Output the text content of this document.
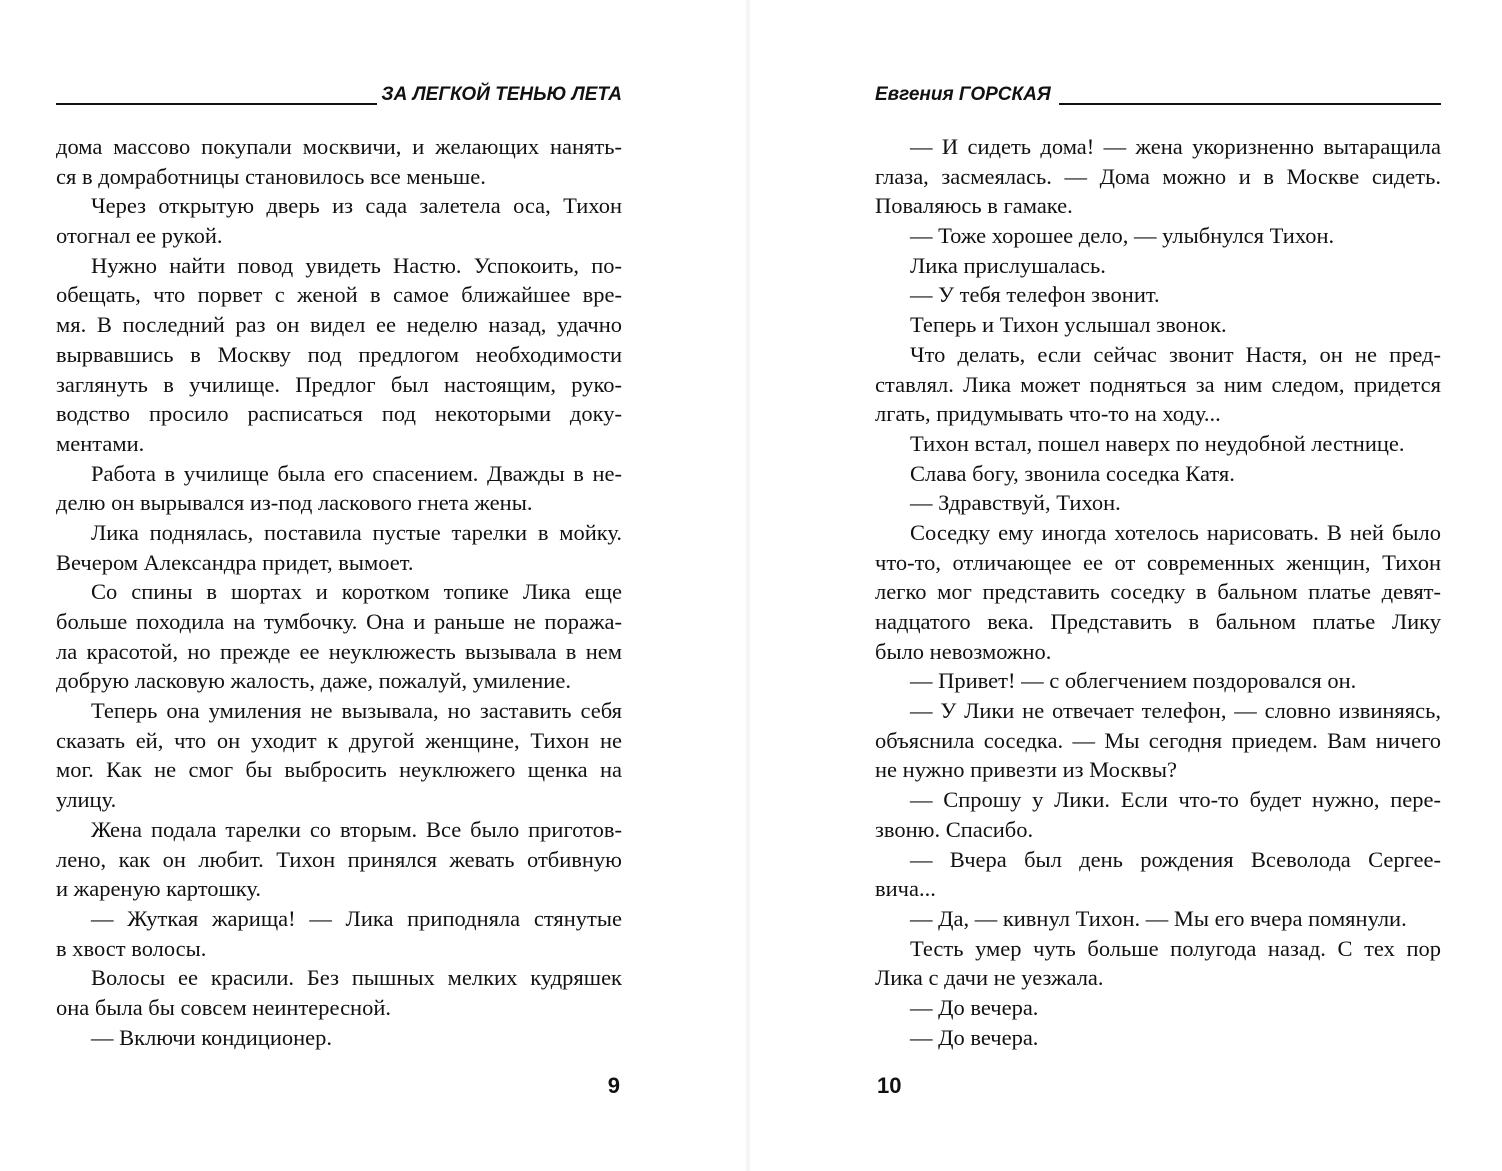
ЗА ЛЕГКОЙ ТЕНЬЮ ЛЕТА
дома массово покупали москвичи, и желающих нанять-
ся в домработницы становилось все меньше.
Через открытую дверь из сада залетела оса, Тихон
отогнал ее рукой.
Нужно найти повод увидеть Настю. Успокоить, по-
обещать, что порвет с женой в самое ближайшее вре-
мя. В последний раз он видел ее неделю назад, удачно
вырвавшись в Москву под предлогом необходимости
заглянуть в училище. Предлог был настоящим, руко-
водство просило расписаться под некоторыми доку-
ментами.
Работа в училище была его спасением. Дважды в не-
делю он вырывался из-под ласкового гнета жены.
Лика поднялась, поставила пустые тарелки в мойку.
Вечером Александра придет, вымоет.
Со спины в шортах и коротком топике Лика еще
больше походила на тумбочку. Она и раньше не поража-
ла красотой, но прежде ее неуклюжесть вызывала в нем
добрую ласковую жалость, даже, пожалуй, умиление.
Теперь она умиления не вызывала, но заставить себя
сказать ей, что он уходит к другой женщине, Тихон не
мог. Как не смог бы выбросить неуклюжего щенка на
улицу.
Жена подала тарелки со вторым. Все было приготов-
лено, как он любит. Тихон принялся жевать отбивную
и жареную картошку.
— Жуткая жарища! — Лика приподняла стянутые
в хвост волосы.
Волосы ее красили. Без пышных мелких кудряшек
она была бы совсем неинтересной.
— Включи кондиционер.
9
Евгения ГОРСКАЯ
— И сидеть дома! — жена укоризненно вытаращила
глаза, засмеялась. — Дома можно и в Москве сидеть.
Поваляюсь в гамаке.
— Тоже хорошее дело, — улыбнулся Тихон.
Лика прислушалась.
— У тебя телефон звонит.
Теперь и Тихон услышал звонок.
Что делать, если сейчас звонит Настя, он не пред-
ставлял. Лика может подняться за ним следом, придется
лгать, придумывать что-то на ходу...
Тихон встал, пошел наверх по неудобной лестнице.
Слава богу, звонила соседка Катя.
— Здравствуй, Тихон.
Соседку ему иногда хотелось нарисовать. В ней было
что-то, отличающее ее от современных женщин, Тихон
легко мог представить соседку в бальном платье девят-
надцатого века. Представить в бальном платье Лику
было невозможно.
— Привет! — с облегчением поздоровался он.
— У Лики не отвечает телефон, — словно извиняясь,
объяснила соседка. — Мы сегодня приедем. Вам ничего
не нужно привезти из Москвы?
— Спрошу у Лики. Если что-то будет нужно, пере-
звоню. Спасибо.
— Вчера был день рождения Всеволода Сергее-
вича...
— Да, — кивнул Тихон. — Мы его вчера помянули.
Тесть умер чуть больше полугода назад. С тех пор
Лика с дачи не уезжала.
— До вечера.
— До вечера.
10
